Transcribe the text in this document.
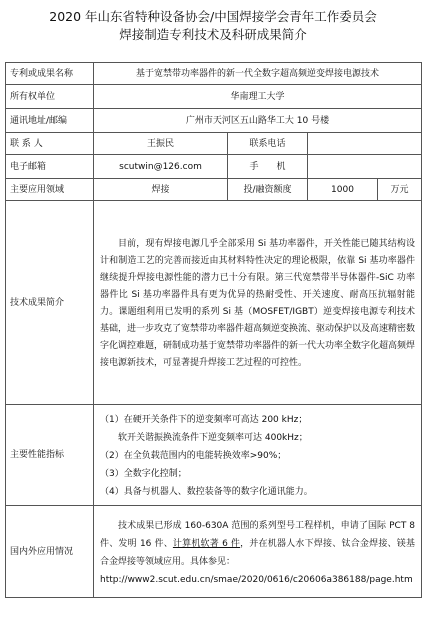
2020 年山东省特种设备协会/中国焊接学会青年工作委员会
焊接制造专利技术及科研成果简介
专利或成果名称	基于宽禁带功率器件的新一代全数字超高频逆变焊接电源技术			
所有权单位	华南理工大学			
通讯地址/邮编	广州市天河区五山路华工大 10 号楼			
联 系 人	王振民	联系电话		
电子邮箱	scutwin@126.com	手　　机		
主要应用领域	焊接	投/融资额度	1000	万元
技术成果简介	目前，现有焊接电源几乎全部采用 Si 基功率器件，开关性能已随其结构设计和制造工艺的完善而接近由其材料特性决定的理论极限，依靠 Si 基功率器件继续提升焊接电源性能的潜力已十分有限。第三代宽禁带半导体器件-SiC 功率器件比 Si 基功率器件具有更为优异的热耐受性、开关速度、耐高压抗辐射能力。课题组利用已发明的系列 Si 基（MOSFET/IGBT）逆变焊接电源专利技术基础，进一步攻克了宽禁带功率器件超高频逆变换流、驱动保护以及高速精密数字化调控难题，研制成功基于宽禁带功率器件的新一代大功率全数字化超高频焊接电源新技术，可显著提升焊接工艺过程的可控性。			
主要性能指标	（1）在硬开关条件下的逆变频率可高达 200 kHz；
软开关谐振换流条件下逆变频率可达 400kHz；
（2）在全负载范围内的电能转换效率>90%；
（3）全数字化控制；
（4）具备与机器人、数控装备等的数字化通讯能力。			

国内外应用情况	技术成果已形成 160-630A 范围的系列型号工程样机，申请了国际 PCT 8 件、发明 16 件、计算机软著 6 件，并在机器人水下焊接、钛合金焊接、镁基合金焊接等领域应用。具体参见：
http://www2.scut.edu.cn/smae/2020/0616/c20606a386188/page.htm			
